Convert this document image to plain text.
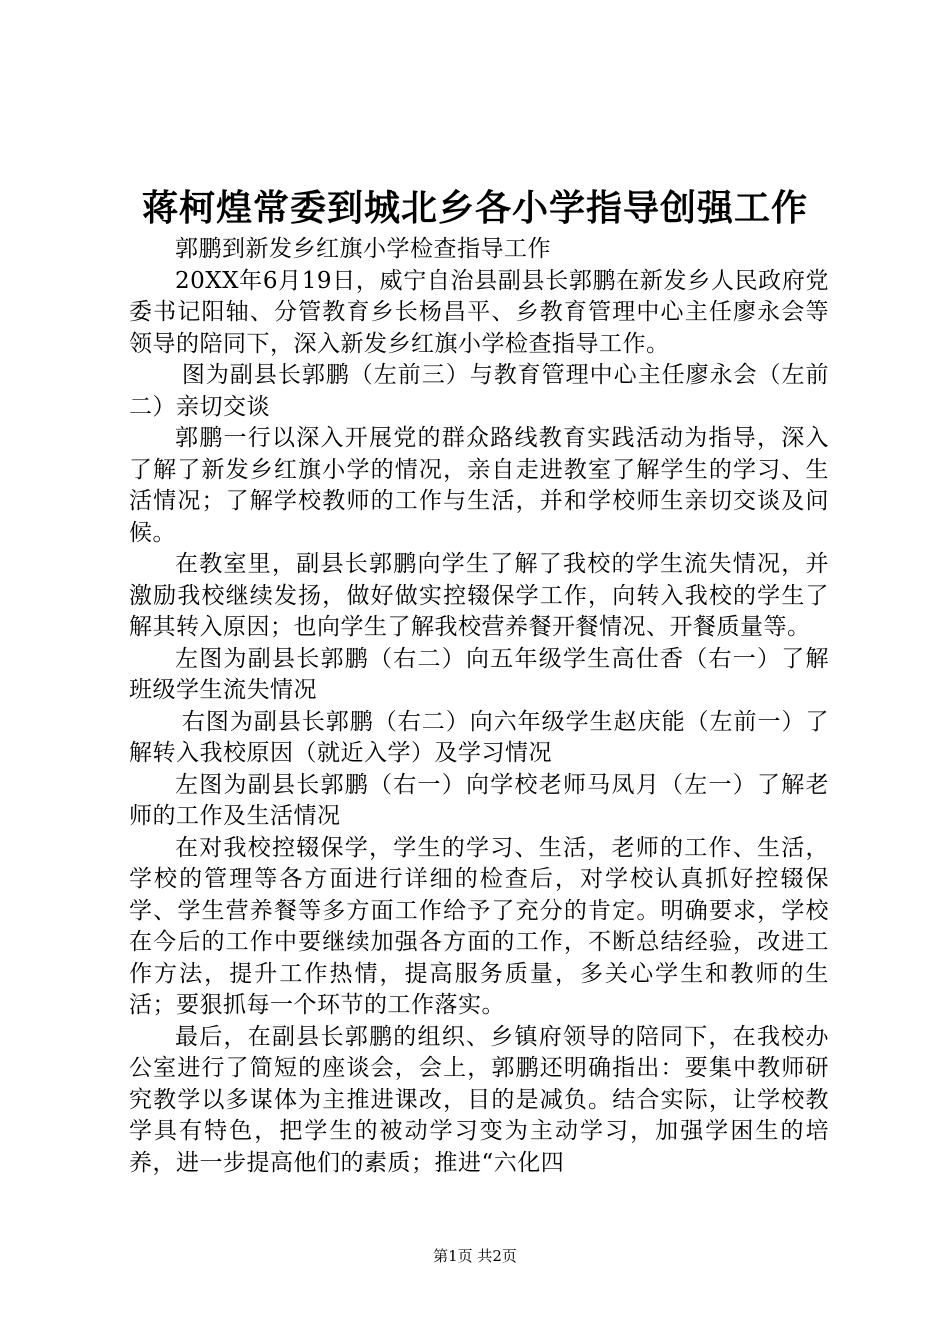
蒋柯煌常委到城北乡各小学指导创强工作

郭鹏到新发乡红旗小学检查指导工作

20XX年6月19日，威宁自治县副县长郭鹏在新发乡人民政府党委书记阳轴、分管教育乡长杨昌平、乡教育管理中心主任廖永会等领导的陪同下，深入新发乡红旗小学检查指导工作。

图为副县长郭鹏（左前三）与教育管理中心主任廖永会（左前二）亲切交谈

郭鹏一行以深入开展党的群众路线教育实践活动为指导，深入了解了新发乡红旗小学的情况，亲自走进教室了解学生的学习、生活情况；了解学校教师的工作与生活，并和学校师生亲切交谈及问候。

在教室里，副县长郭鹏向学生了解了我校的学生流失情况，并激励我校继续发扬，做好做实控辍保学工作，向转入我校的学生了解其转入原因；也向学生了解我校营养餐开餐情况、开餐质量等。

左图为副县长郭鹏（右二）向五年级学生高仕香（右一）了解班级学生流失情况

右图为副县长郭鹏（右二）向六年级学生赵庆能（左前一）了解转入我校原因（就近入学）及学习情况

左图为副县长郭鹏（右一）向学校老师马凤月（左一）了解老师的工作及生活情况

在对我校控辍保学，学生的学习、生活，老师的工作、生活，学校的管理等各方面进行详细的检查后，对学校认真抓好控辍保学、学生营养餐等多方面工作给予了充分的肯定。明确要求，学校在今后的工作中要继续加强各方面的工作，不断总结经验，改进工作方法，提升工作热情，提高服务质量，多关心学生和教师的生活；要狠抓每一个环节的工作落实。

最后，在副县长郭鹏的组织、乡镇府领导的陪同下，在我校办公室进行了简短的座谈会，会上，郭鹏还明确指出：要集中教师研究教学以多谋体为主推进课改，目的是减负。结合实际，让学校教学具有特色，把学生的被动学习变为主动学习，加强学困生的培养，进一步提高他们的素质；推进“六化四

第1页 共2页
